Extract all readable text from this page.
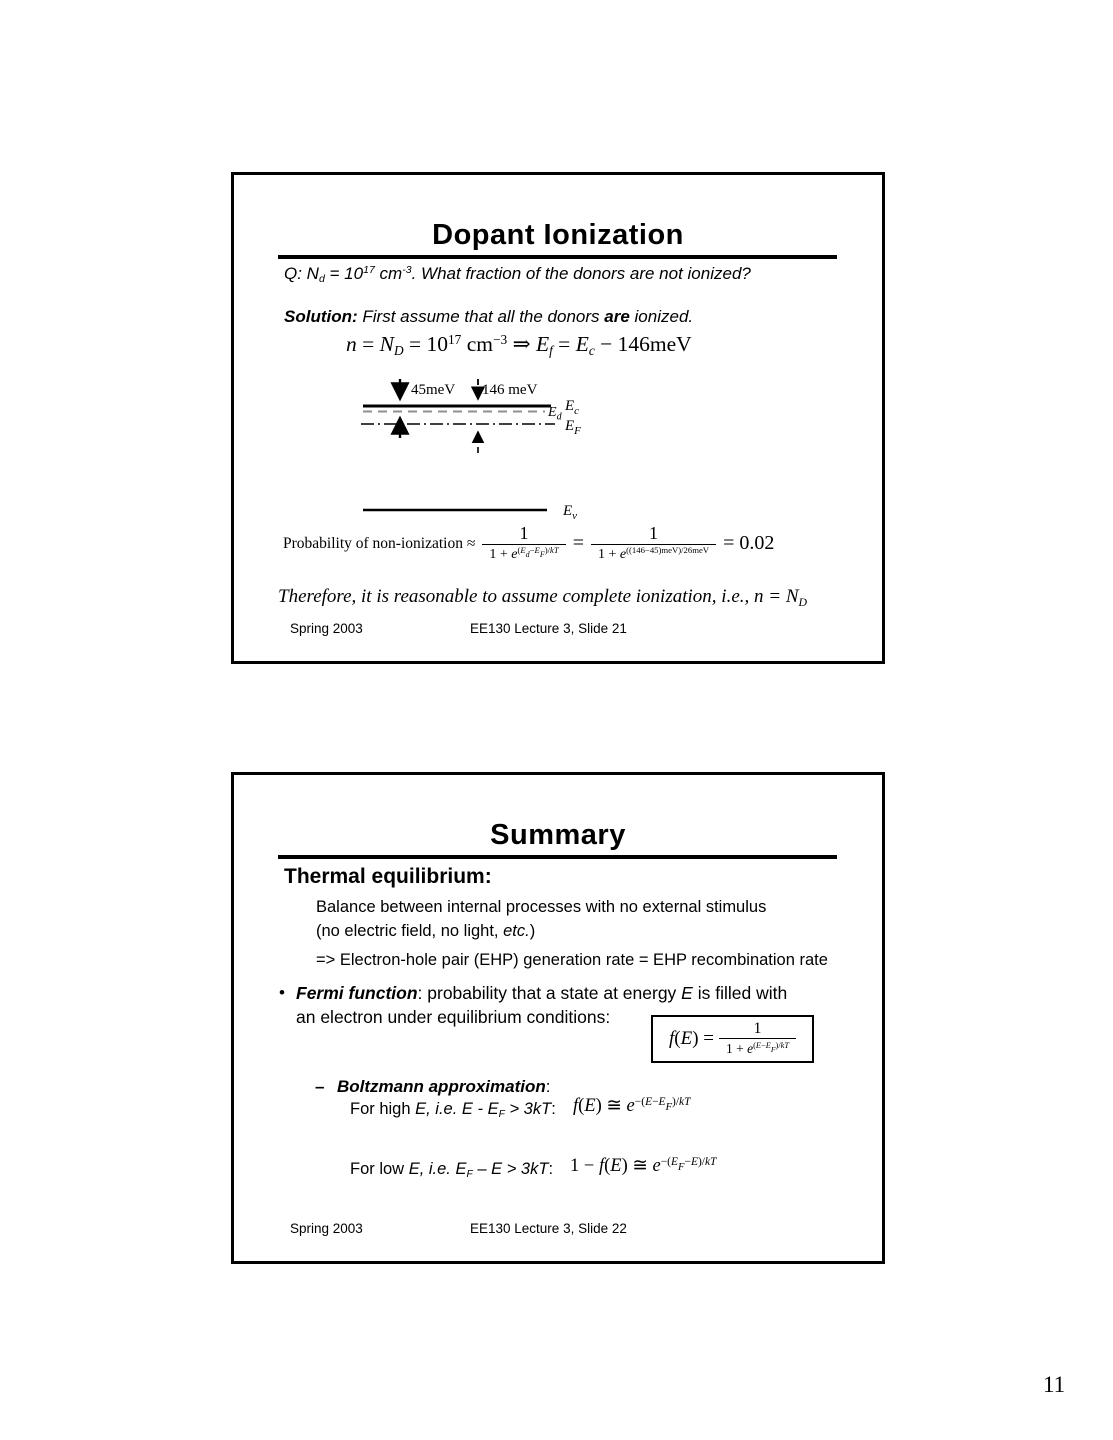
Dopant Ionization

Q: $N_d = 10^{17}$ $cm^{-3}$. What fraction of the donors are not ionized?

Solution: First assume that all the donors are ionized.

$n = N_D = 10^{17}$ $cm^{-3}$ ⇒ $E_f = E_c - 146meV$
45meV 146 meV
$E_d$
$E_c$
$E_F$
$E_v$
Probability of non-ionization ≈ $\frac{1}{1 + e^{(E_d-E_F)/kT}} = \frac{1}{1 + e^{((146-45)meV)/26meV}} = 0.02$

Therefore, it is reasonable to assume complete ionization, i.e., $n = N_D$

Spring 2003	EE130 Lecture 3, Slide 21
Summary
Thermal equilibrium:

Balance between internal processes with no external stimulus

(no electric field, no light, etc.)

=> Electron-hole pair (EHP) generation rate = EHP recombination rate

• Fermi function: probability that a state at energy E is filled with

an electron under equilibrium conditions:

$f(E) = \frac{1}{1 + e^{(E-E_F)/kT}}$
– Boltzmann approximation:

For high E, i.e. $E - E_F > 3kT$: f(E) ≅ $e^{-(E-E_F)/kT}$
For low E, i.e. $E_F - E > 3kT$: 1 − f(E) ≅ $e^{-(E_F-E)/kT}$
Spring 2003	EE130 Lecture 3, Slide 22
11
